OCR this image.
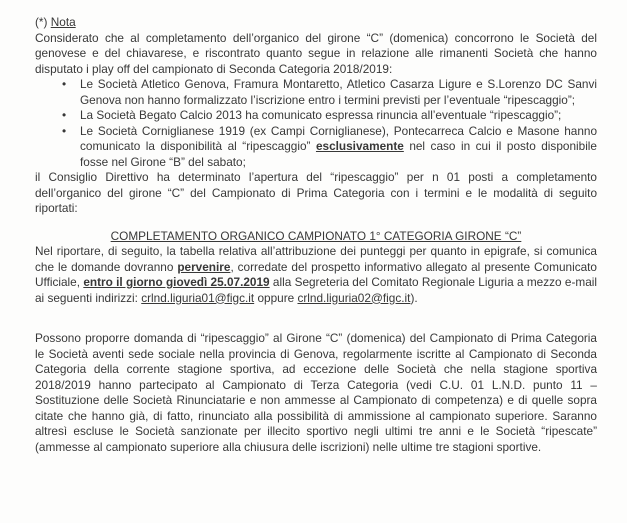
(*) Nota

Considerato che al completamento dell’organico del girone “C” (domenica) concorrono le Società del genovese e del chiavarese, e riscontrato quanto segue in relazione alle rimanenti Società che hanno disputato i play off del campionato di Seconda Categoria 2018/2019:

•	Le Società Atletico Genova, Framura Montaretto, Atletico Casarza Ligure e S.Lorenzo DC Sanvi Genova non hanno formalizzato l’iscrizione entro i termini previsti per l’eventuale “ripescaggio”;
•	La Società Begato Calcio 2013 ha comunicato espressa rinuncia all’eventuale “ripescaggio”;
•	Le Società Corniglianese 1919 (ex Campi Corniglianese), Pontecarreca Calcio e Masone hanno comunicato la disponibilità al “ripescaggio” esclusivamente nel caso in cui il posto disponibile fosse nel Girone “B” del sabato;

il Consiglio Direttivo ha determinato l’apertura del “ripescaggio” per n 01 posti a completamento dell’organico del girone “C” del Campionato di Prima Categoria con i termini e le modalità di seguito riportati:

COMPLETAMENTO ORGANICO CAMPIONATO 1° CATEGORIA GIRONE “C”

Nel riportare, di seguito, la tabella relativa all’attribuzione dei punteggi per quanto in epigrafe, si comunica che le domande dovranno pervenire, corredate del prospetto informativo allegato al presente Comunicato Ufficiale, entro il giorno giovedì 25.07.2019 alla Segreteria del Comitato Regionale Liguria a mezzo e-mail ai seguenti indirizzi: crlnd.liguria01@figc.it oppure crlnd.liguria02@figc.it).

Possono proporre domanda di “ripescaggio” al Girone “C” (domenica) del Campionato di Prima Categoria le Società aventi sede sociale nella provincia di Genova, regolarmente iscritte al Campionato di Seconda Categoria della corrente stagione sportiva, ad eccezione delle Società che nella stagione sportiva 2018/2019 hanno partecipato al Campionato di Terza Categoria (vedi C.U. 01 L.N.D. punto 11 – Sostituzione delle Società Rinunciatarie e non ammesse al Campionato di competenza) e di quelle sopra citate che hanno già, di fatto, rinunciato alla possibilità di ammissione al campionato superiore. Saranno altresì escluse le Società sanzionate per illecito sportivo negli ultimi tre anni e le Società “ripescate” (ammesse al campionato superiore alla chiusura delle iscrizioni) nelle ultime tre stagioni sportive.
